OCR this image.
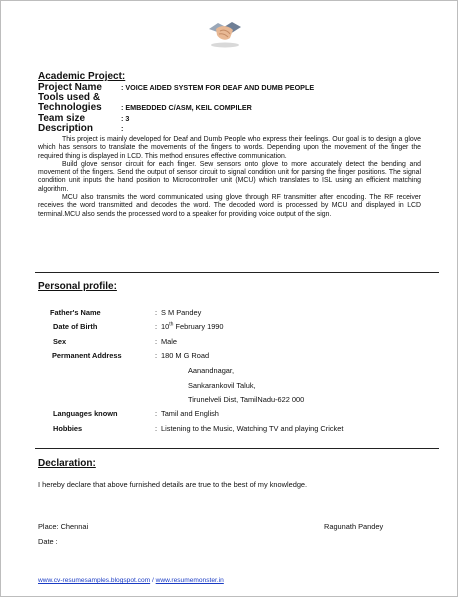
Academic Project:
Project Name	: VOICE AIDED SYSTEM FOR DEAF AND DUMB PEOPLE
Tools used &
Technologies	: EMBEDDED C/ASM, KEIL COMPILER
Team size	: 3
Description	:

This project is mainly developed for Deaf and Dumb People who express their feelings. Our goal is to design a glove which has sensors to translate the movements of the fingers to words. Depending upon the movement of the finger the required thing is displayed in LCD. This method ensures effective communication.

Build glove sensor circuit for each finger. Sew sensors onto glove to more accurately detect the bending and movement of the fingers. Send the output of sensor circuit to signal condition unit for parsing the finger positions. The signal condition unit inputs the hand position to Microcontroller unit (MCU) which translates to ISL using an efficient matching algorithm.

MCU also transmits the word communicated using glove through RF transmitter after encoding. The RF receiver receives the word transmitted and decodes the word. The decoded word is processed by MCU and displayed in LCD terminal.MCU also sends the processed word to a speaker for providing voice output of the sign.

Personal profile:
Father's Name	: S M Pandey
Date of Birth	: 10th February 1990
Sex	: Male
Permanent Address	: 180 M G Road
Aanandnagar,
Sankarankovil Taluk,
Tirunelveli Dist, TamilNadu-622 000
Languages known	: Tamil and English
Hobbies	: Listening to the Music, Watching TV and playing Cricket
Declaration:
I hereby declare that above furnished details are true to the best of my knowledge.
Place: Chennai	Ragunath Pandey
Date :
www.cv-resumesamples.blogspot.com / www.resumemonster.in
